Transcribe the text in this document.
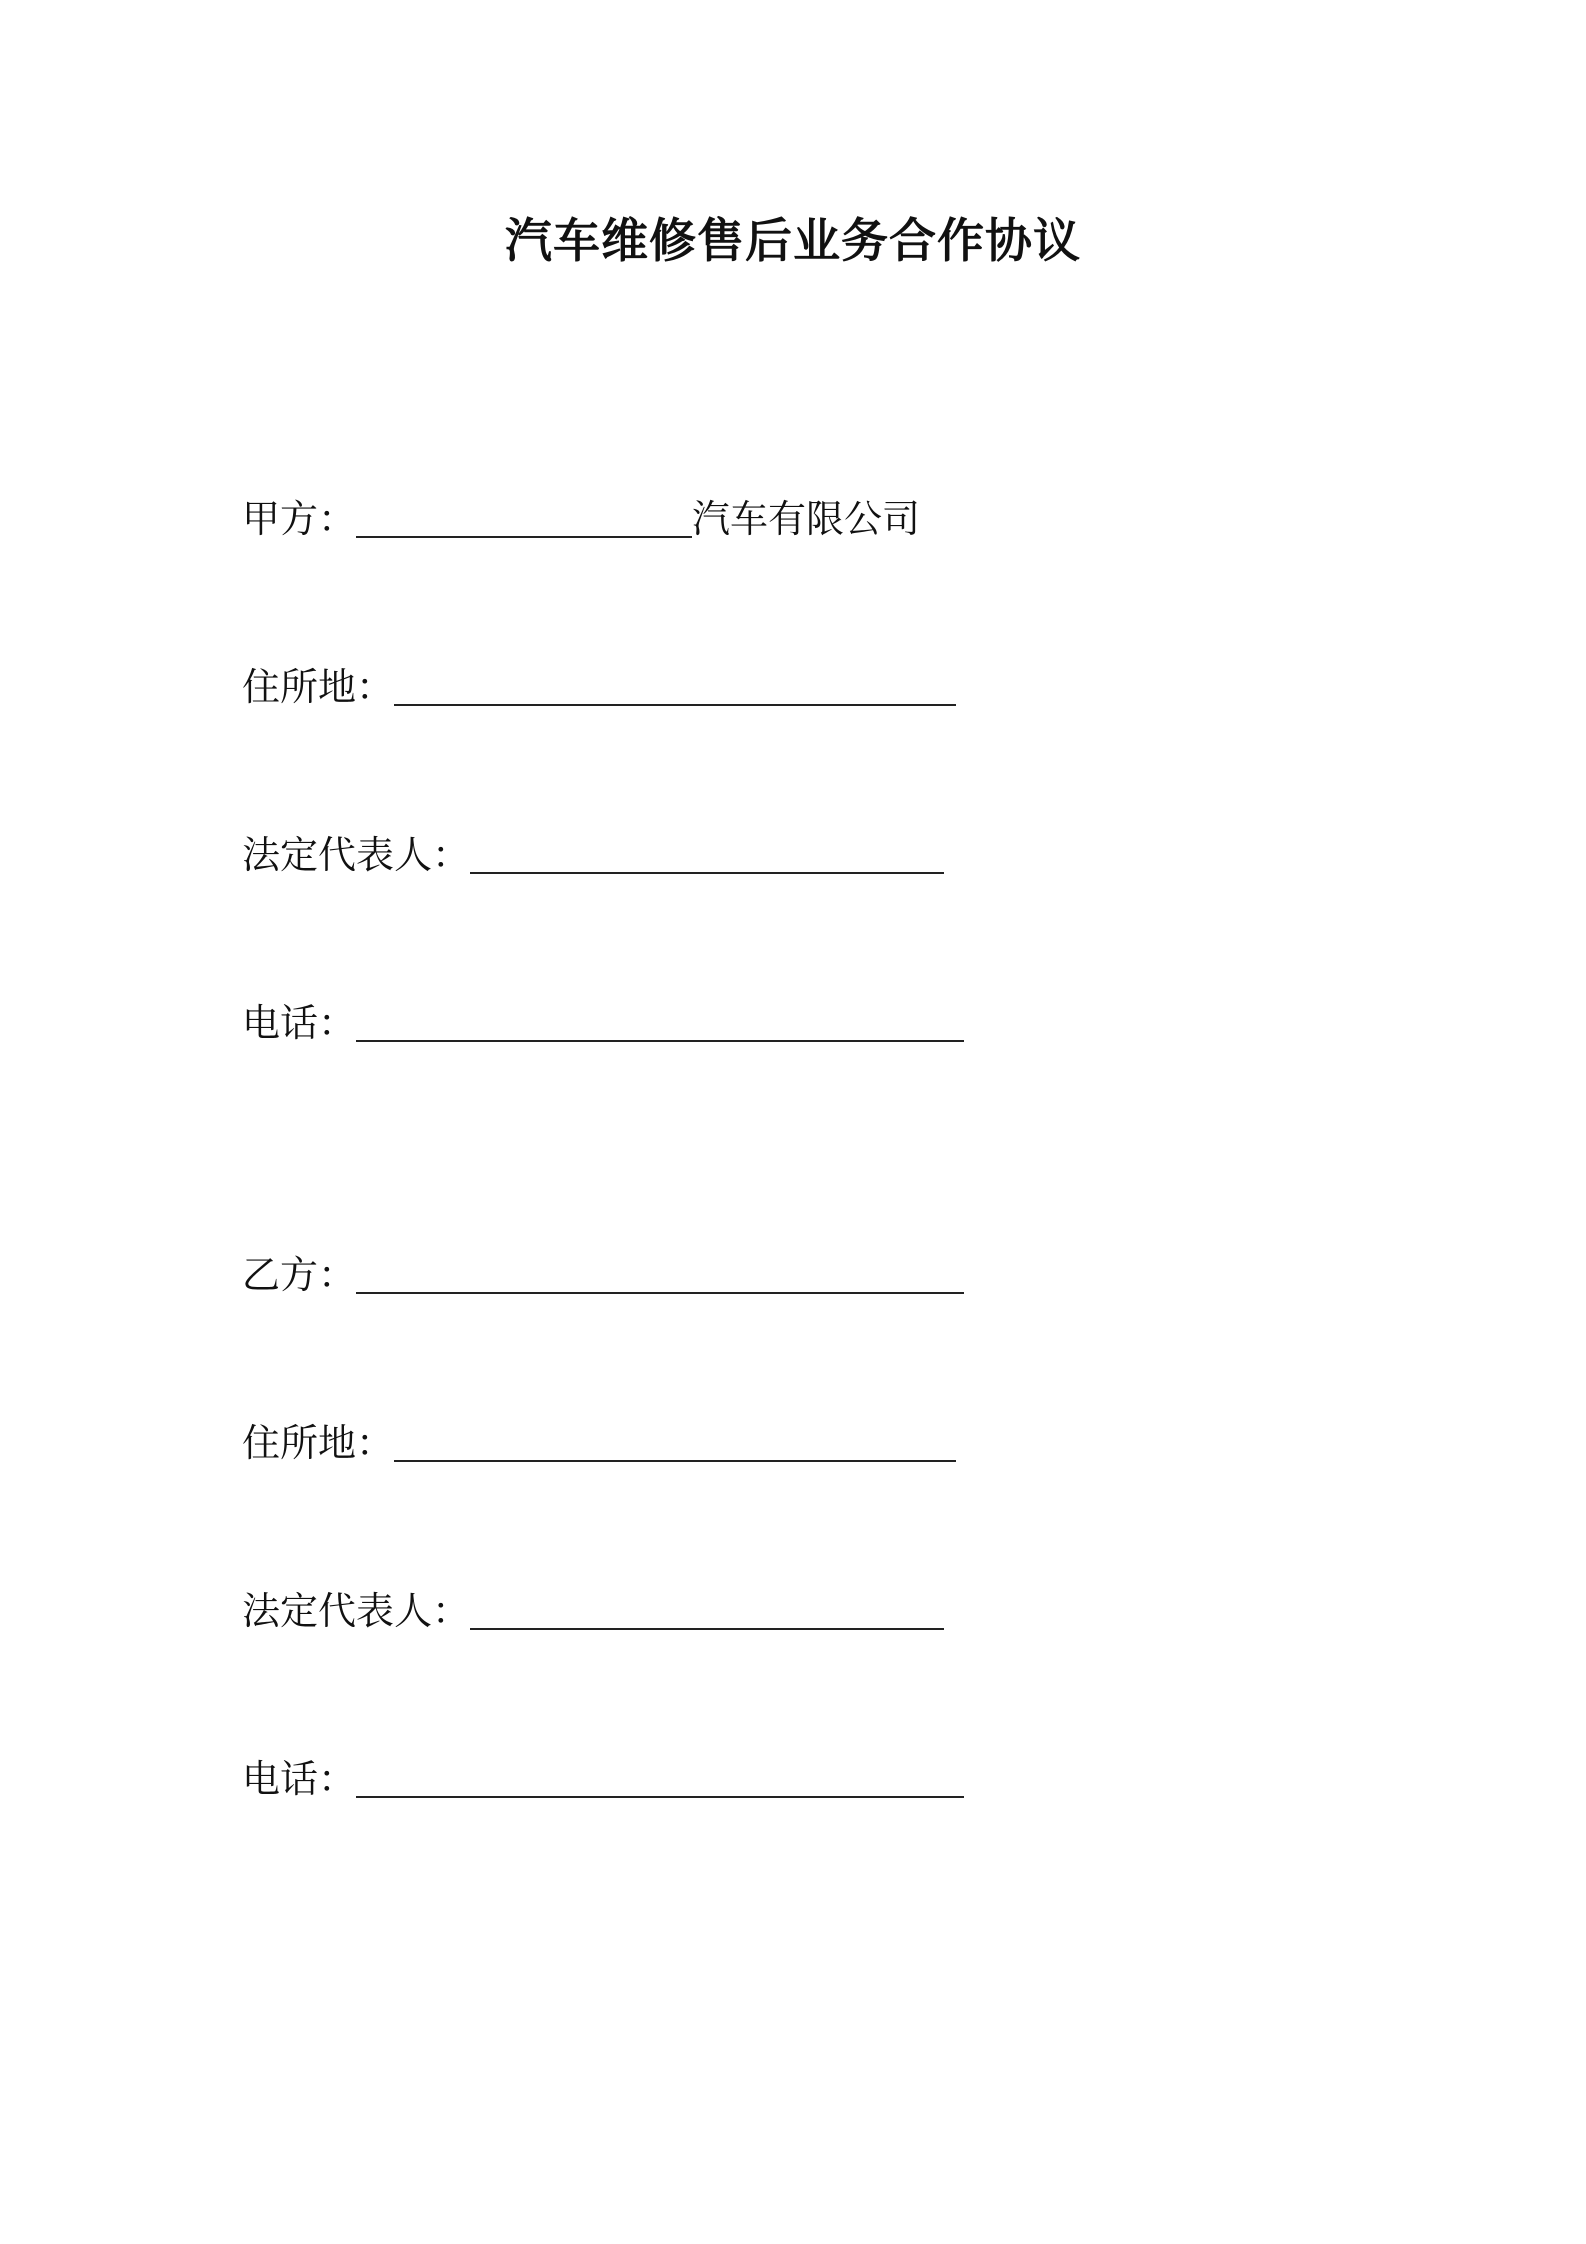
汽车维修售后业务合作协议
甲方：	汽车有限公司
住所地：
法定代表人：
电话：
乙方：
住所地：
法定代表人：
电话：
